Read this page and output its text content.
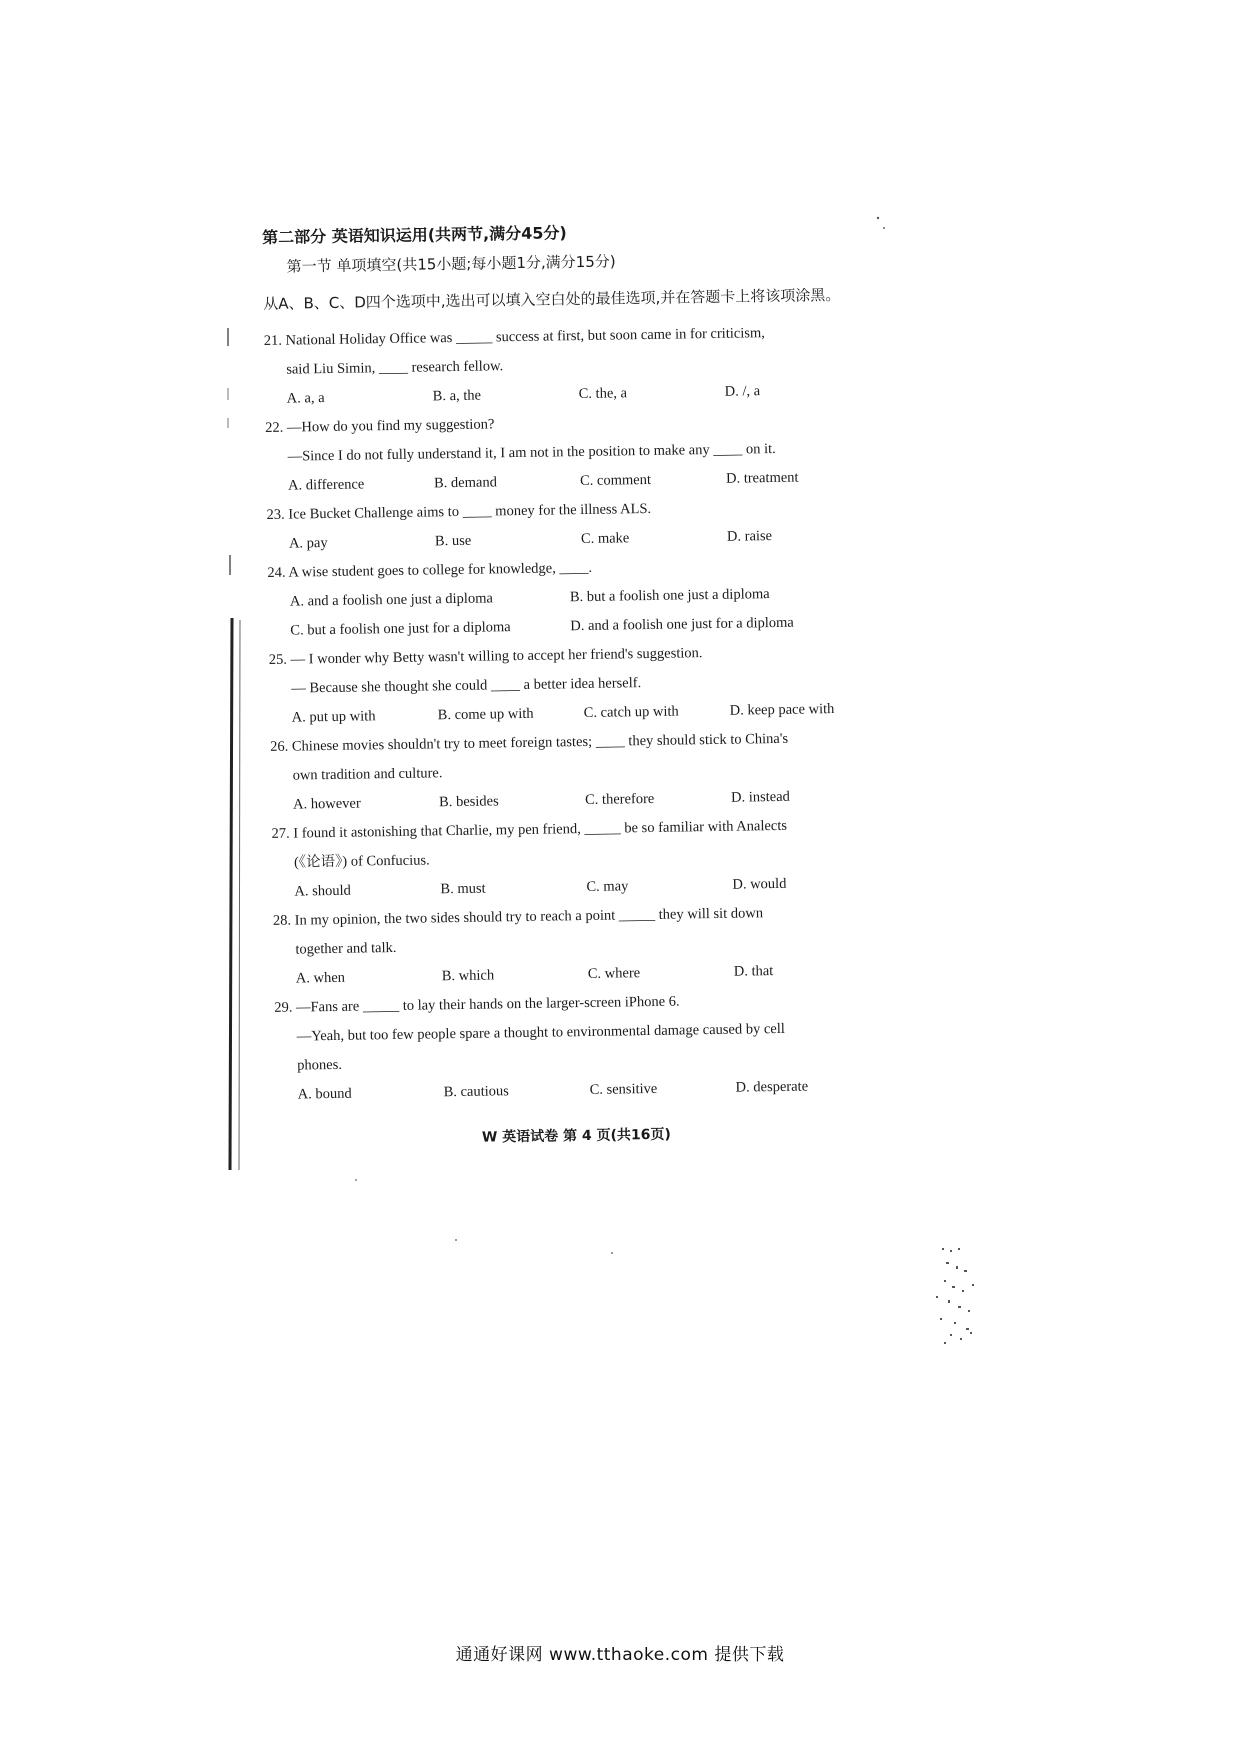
第二部分 英语知识运用(共两节,满分45分)

第一节 单项填空(共15小题;每小题1分,满分15分)

从A、B、C、D四个选项中,选出可以填入空白处的最佳选项,并在答题卡上将该项涂黑。

21. National Holiday Office was _____ success at first, but soon came in for criticism,
said Liu Simin, ____ research fellow.
A. a, a	B. a, the	C. the, a	D. /, a
22. —How do you find my suggestion?
—Since I do not fully understand it, I am not in the position to make any ____ on it.
A. difference	B. demand	C. comment	D. treatment
23. Ice Bucket Challenge aims to ____ money for the illness ALS.
A. pay	B. use	C. make	D. raise
24. A wise student goes to college for knowledge, ____.
A. and a foolish one just a diploma	B. but a foolish one just a diploma
C. but a foolish one just for a diploma	D. and a foolish one just for a diploma
25. — I wonder why Betty wasn't willing to accept her friend's suggestion.
— Because she thought she could ____ a better idea herself.
A. put up with	B. come up with	C. catch up with	D. keep pace with
26. Chinese movies shouldn't try to meet foreign tastes; ____ they should stick to China's
own tradition and culture.
A. however	B. besides	C. therefore	D. instead
27. I found it astonishing that Charlie, my pen friend, _____ be so familiar with Analects
(《论语》) of Confucius.
A. should	B. must	C. may	D. would
28. In my opinion, the two sides should try to reach a point _____ they will sit down
together and talk.
A. when	B. which	C. where	D. that
29. —Fans are _____ to lay their hands on the larger-screen iPhone 6.
—Yeah, but too few people spare a thought to environmental damage caused by cell
phones.
A. bound	B. cautious	C. sensitive	D. desperate

W 英语试卷 第 4 页(共16页)

通通好课网 www.tthaoke.com 提供下载
